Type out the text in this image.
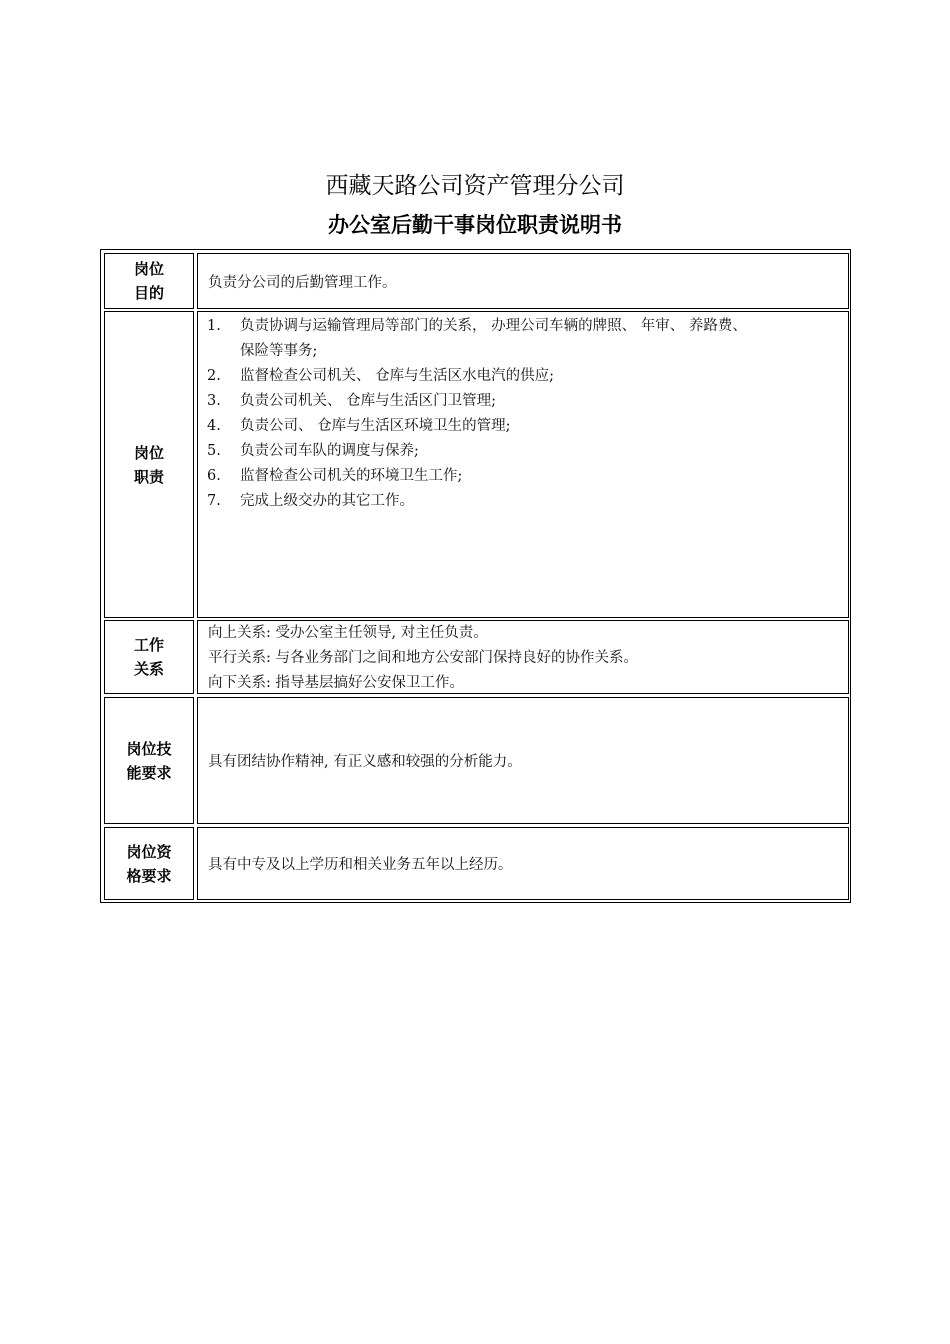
西藏天路公司资产管理分公司
办公室后勤干事岗位职责说明书
岗位
目的
负责分公司的后勤管理工作。
岗位
职责
1. 负责协调与运输管理局等部门的关系， 办理公司车辆的牌照、 年审、 养路费、
保险等事务;
2. 监督检查公司机关、 仓库与生活区水电汽的供应;
3. 负责公司机关、 仓库与生活区门卫管理;
4. 负责公司、 仓库与生活区环境卫生的管理;
5. 负责公司车队的调度与保养;
6. 监督检查公司机关的环境卫生工作;
7. 完成上级交办的其它工作。
工作
关系
向上关系: 受办公室主任领导, 对主任负责。
平行关系: 与各业务部门之间和地方公安部门保持良好的协作关系。
向下关系: 指导基层搞好公安保卫工作。
岗位技
能要求
具有团结协作精神, 有正义感和较强的分析能力。
岗位资
格要求
具有中专及以上学历和相关业务五年以上经历。
